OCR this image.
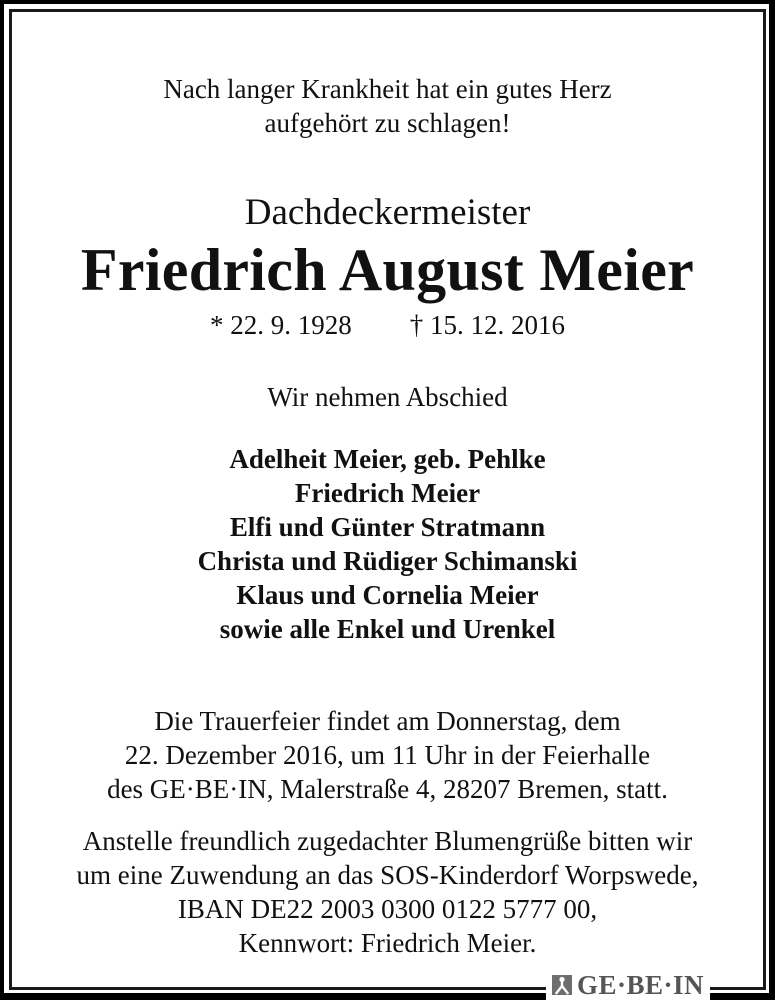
Nach langer Krankheit hat ein gutes Herz
aufgehört zu schlagen!
Dachdeckermeister
Friedrich August Meier
* 22. 9. 1928 † 15. 12. 2016
Wir nehmen Abschied
Adelheit Meier, geb. Pehlke
Friedrich Meier
Elfi und Günter Stratmann
Christa und Rüdiger Schimanski
Klaus und Cornelia Meier
sowie alle Enkel und Urenkel
Die Trauerfeier findet am Donnerstag, dem
22. Dezember 2016, um 11 Uhr in der Feierhalle
des GE·BE·IN, Malerstraße 4, 28207 Bremen, statt.
Anstelle freundlich zugedachter Blumengrüße bitten wir
um eine Zuwendung an das SOS-Kinderdorf Worpswede,
IBAN DE22 2003 0300 0122 5777 00,
Kennwort: Friedrich Meier.
GE·BE·IN
